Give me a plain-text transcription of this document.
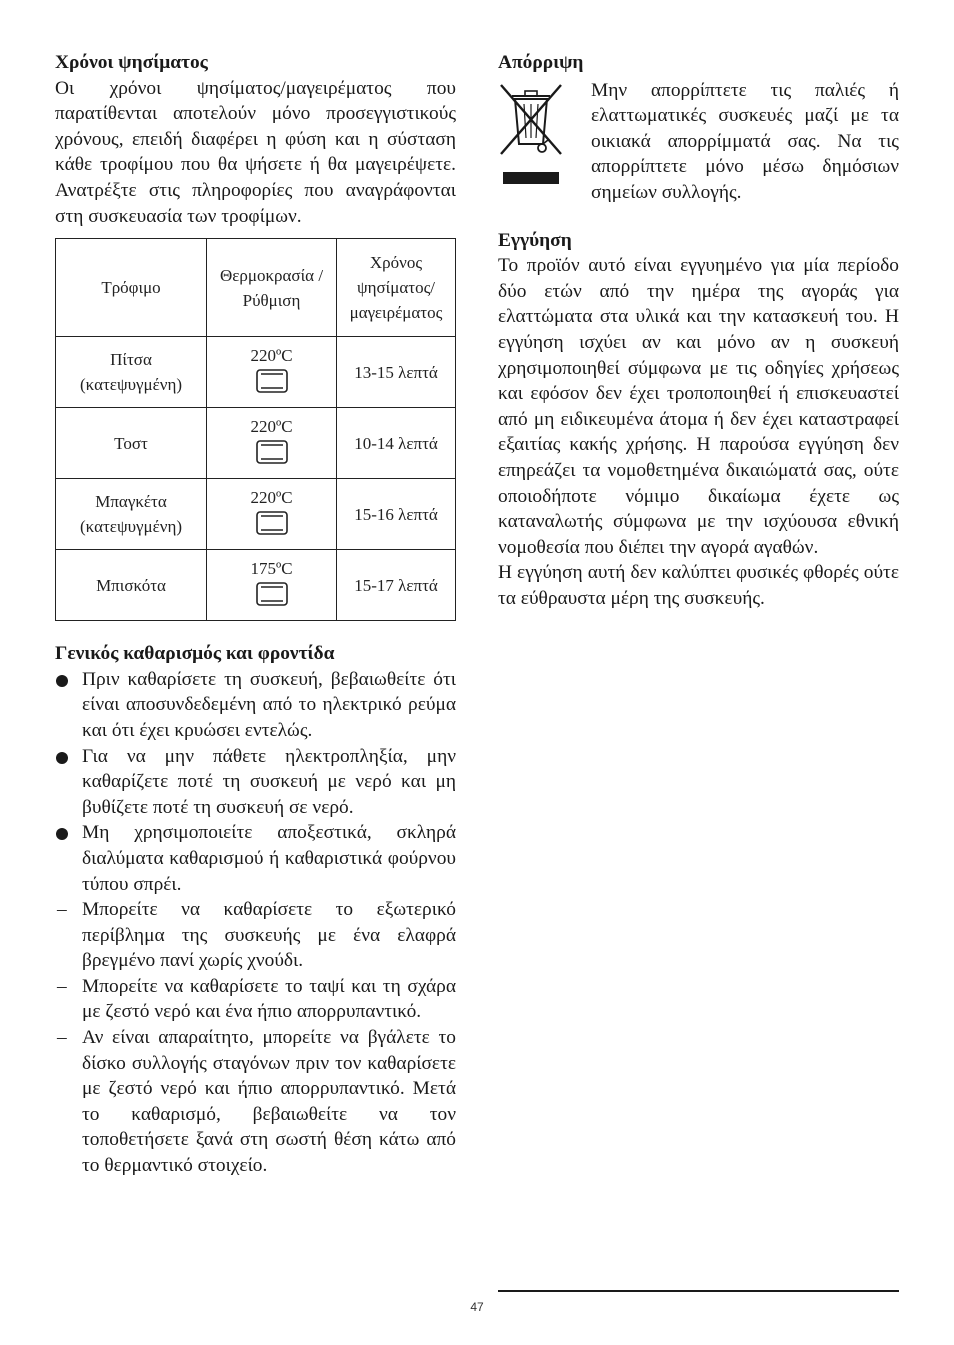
Χρόνοι ψησίματος

Οι χρόνοι ψησίματος/μαγειρέματος που παρατίθενται αποτελούν μόνο προσεγγιστικούς χρόνους, επειδή διαφέρει η φύση και η σύσταση κάθε τροφίμου που θα ψήσετε ή θα μαγειρέψετε. Ανατρέξτε στις πληροφορίες που αναγράφονται στη συσκευασία των τροφίμων.

Τρόφιμο	Θερμοκρασία / Ρύθμιση	Χρόνος ψησίματος/ μαγειρέματος
Πίτσα (κατεψυγμένη)	220ºC	13-15 λεπτά
Τοστ	220ºC	10-14 λεπτά
Μπαγκέτα (κατεψυγμένη)	220ºC	15-16 λεπτά
Μπισκότα	175ºC	15-17 λεπτά
Γενικός καθαρισμός και φροντίδα
Πριν καθαρίσετε τη συσκευή, βεβαιωθείτε ότι είναι αποσυνδεδεμένη από το ηλεκτρικό ρεύμα και ότι έχει κρυώσει εντελώς.
Για να μην πάθετε ηλεκτροπληξία, μην καθαρίζετε ποτέ τη συσκευή με νερό και μη βυθίζετε ποτέ τη συσκευή σε νερό.
Μη χρησιμοποιείτε αποξεστικά, σκληρά διαλύματα καθαρισμού ή καθαριστικά φούρνου τύπου σπρέι.
– Μπορείτε να καθαρίσετε το εξωτερικό περίβλημα της συσκευής με ένα ελαφρά βρεγμένο πανί χωρίς χνούδι.
– Μπορείτε να καθαρίσετε το ταψί και τη σχάρα με ζεστό νερό και ένα ήπιο απορρυπαντικό.
– Αν είναι απαραίτητο, μπορείτε να βγάλετε το δίσκο συλλογής σταγόνων πριν τον καθαρίσετε με ζεστό νερό και ήπιο απορρυπαντικό. Μετά το καθαρισμό, βεβαιωθείτε να τον τοποθετήσετε ξανά στη σωστή θέση κάτω από το θερμαντικό στοιχείο.
Απόρριψη

Μην απορρίπτετε τις παλιές ή ελαττωματικές συσκευές μαζί με τα οικιακά απορρίμματά σας. Να τις απορρίπτετε μόνο μέσω δημόσιων σημείων συλλογής.

Εγγύηση

Το προϊόν αυτό είναι εγγυημένο για μία περίοδο δύο ετών από την ημέρα της αγοράς για ελαττώματα στα υλικά και την κατασκευή του. Η εγγύηση ισχύει αν και μόνο αν η συσκευή χρησιμοποιηθεί σύμφωνα με τις οδηγίες χρήσεως και εφόσον δεν έχει τροποποιηθεί ή επισκευαστεί από μη ειδικευμένα άτομα ή δεν έχει καταστραφεί εξαιτίας κακής χρήσης. Η παρούσα εγγύηση δεν επηρεάζει τα νομοθετημένα δικαιώματά σας, ούτε οποιοδήποτε νόμιμο δικαίωμα έχετε ως καταναλωτής σύμφωνα με την ισχύουσα εθνική νομοθεσία που διέπει την αγορά αγαθών.

Η εγγύηση αυτή δεν καλύπτει φυσικές φθορές ούτε τα εύθραυστα μέρη της συσκευής.

47
